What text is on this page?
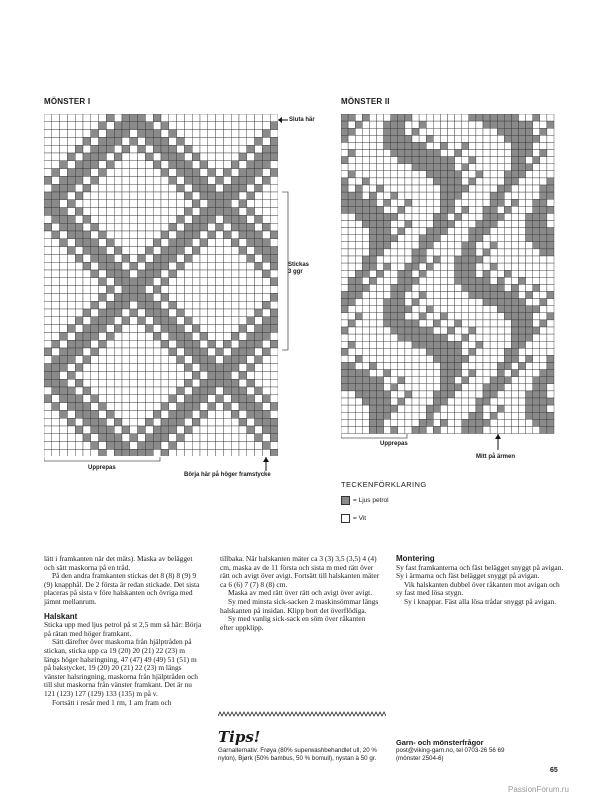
MÖNSTER I
Sluta här
Stickas
3 ggr
Upprepas
Börja här på höger framstycke
MÖNSTER II
Upprepas
Mitt på ärmen
TECKENFÖRKLARING
= Ljus petrol
= Vit

lätt i framkanten när det mäts). Maska av belägget och sätt maskorna på en tråd.

På den andra framkanten stickas det 8 (8) 8 (9) 9 (9) knapphål. De 2 första är redan stickade. Det sista placeras på sista v före halskanten och övriga med jämnt mellanrum.

Halskant

Sticka upp med ljus petrol på st 2,5 mm så här: Börja på rätan med höger framkant.

Sätt därefter över maskorna från hjälptråden på stickan, sticka upp ca 19 (20) 20 (21) 22 (23) m längs höger halsringning, 47 (47) 49 (49) 51 (51) m på bakstycket, 19 (20) 20 (21) 22 (23) m längs vänster halsringning, maskorna från hjälptråden och till slut maskorna från vänster framkant. Det är nu 121 (123) 127 (129) 133 (135) m på v.

Fortsätt i resår med 1 rm, 1 am fram och

tillbaka. När halskanten mäter ca 3 (3) 3,5 (3,5) 4 (4) cm, maska av de 11 första och sista m med rätt över rätt och avigt över avigt. Fortsätt till halskanten mäter ca 6 (6) 7 (7) 8 (8) cm.

Maska av med rätt över rätt och avigt över avigt.

Sy med minsta sick-sacken 2 maskinsömmar längs halskanten på insidan. Klipp bort det överflödiga.

Sy med vanlig sick-sack en söm över råkanten efter uppklipp.

Montering

Sy fast framkanterna och fäst belägget snyggt på avigan. Sy i ärmarna och fäst belägget snyggt på avigan.

Vik halskanten dubbel över råkanten mot avigan och sy fast med lösa stygn.

Sy i knappar. Fäst alla lösa trådar snyggt på avigan.

Tips!
Garnalternativ: Frøya (80% superwashbehandlet ull, 20 % nylon), Bjørk (50% bambus, 50 % bomull), nystan à 50 gr.
Garn- och mönsterfrågor
post@viking-garn.no, tel 0703-26 56 69
(mönster 2504-6)
65
PassionForum.ru
